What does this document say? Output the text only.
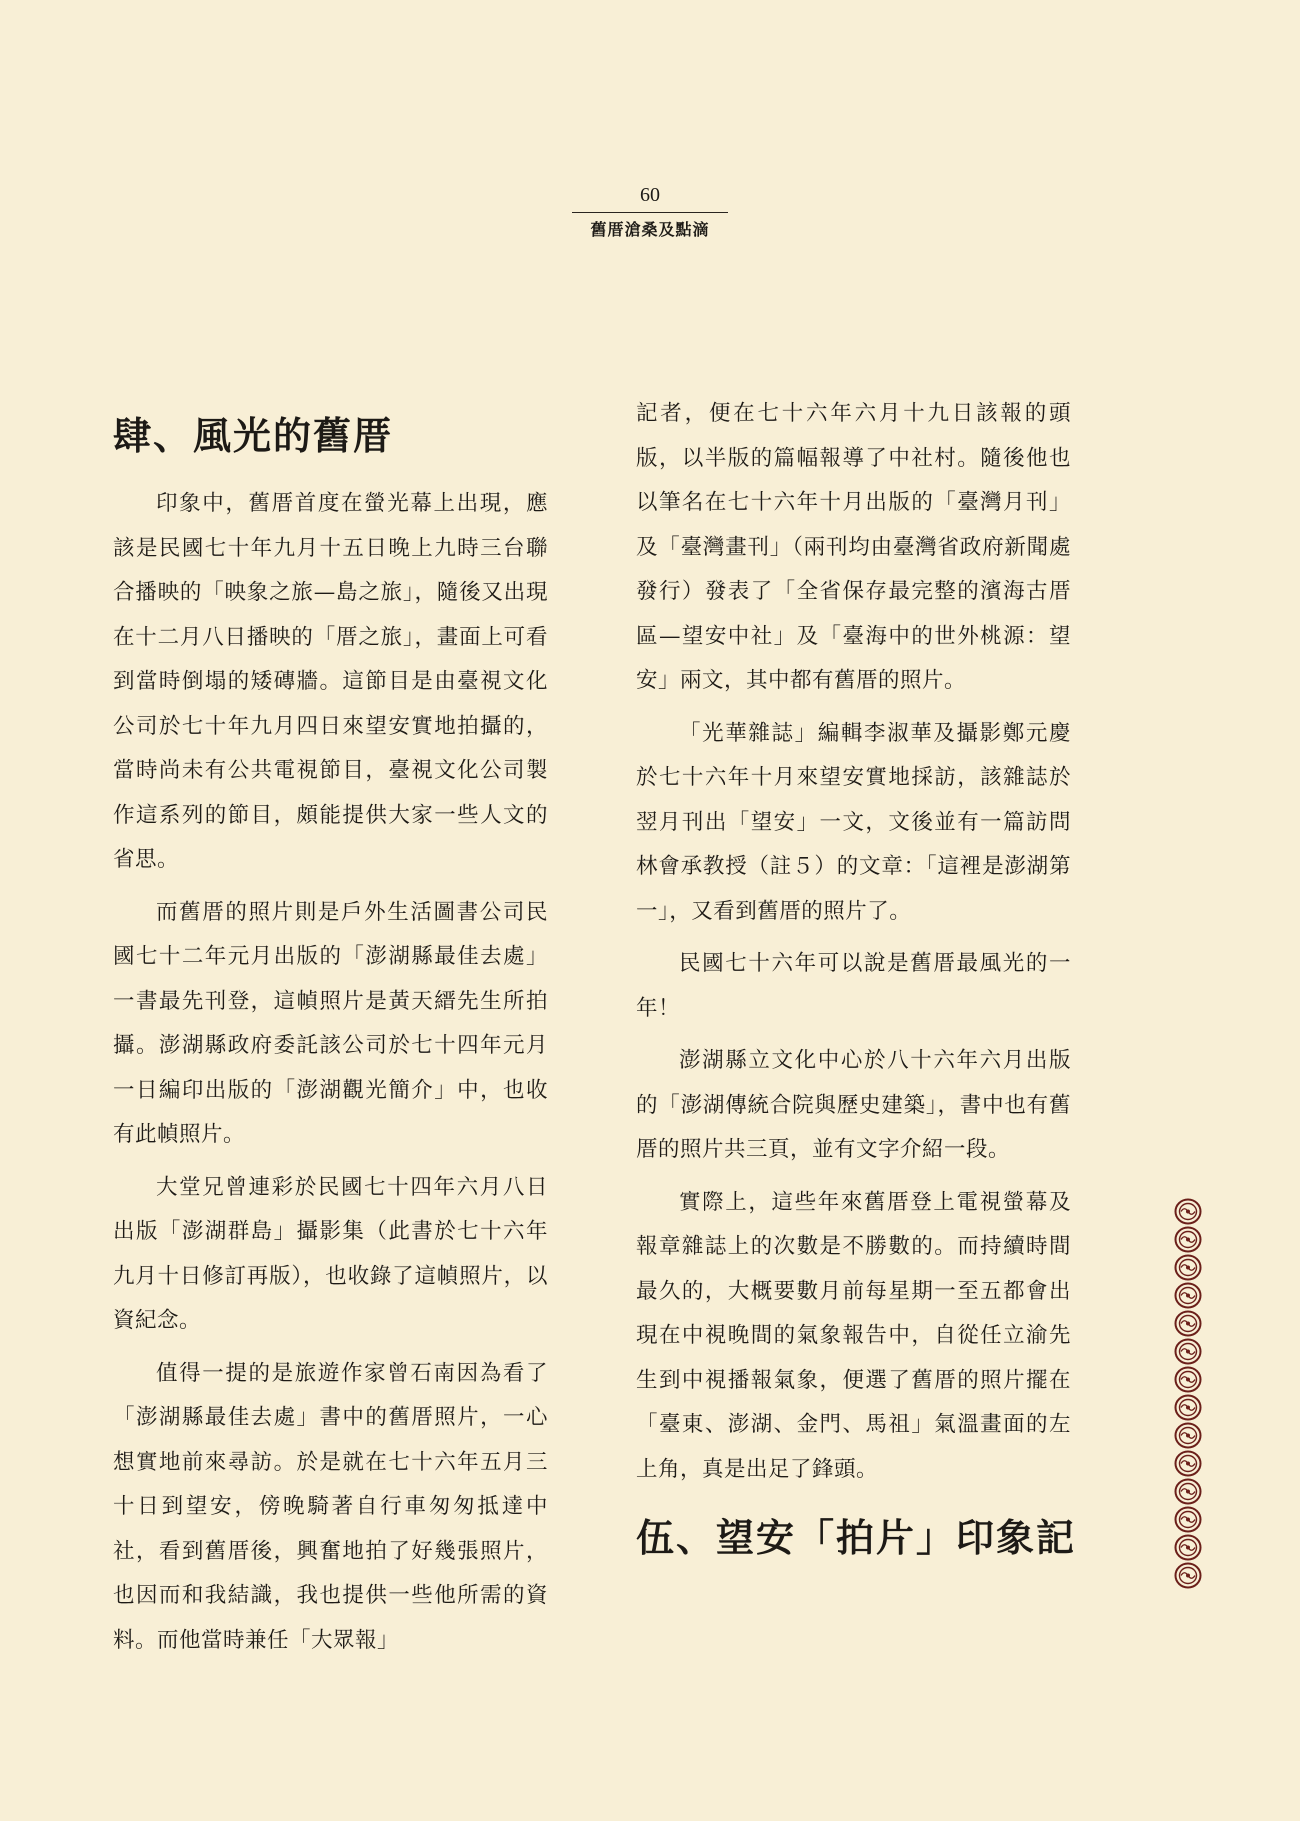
60
舊厝滄桑及點滴
肆、風光的舊厝

印象中，舊厝首度在螢光幕上出現，應該是民國七十年九月十五日晚上九時三台聯合播映的「映象之旅—島之旅」，隨後又出現在十二月八日播映的「厝之旅」，畫面上可看到當時倒塌的矮磚牆。這節目是由臺視文化公司於七十年九月四日來望安實地拍攝的，當時尚未有公共電視節目，臺視文化公司製作這系列的節目，頗能提供大家一些人文的省思。

而舊厝的照片則是戶外生活圖書公司民國七十二年元月出版的「澎湖縣最佳去處」一書最先刊登，這幀照片是黃天縉先生所拍攝。澎湖縣政府委託該公司於七十四年元月一日編印出版的「澎湖觀光簡介」中，也收有此幀照片。

大堂兄曾連彩於民國七十四年六月八日出版「澎湖群島」攝影集（此書於七十六年九月十日修訂再版），也收錄了這幀照片，以資紀念。

值得一提的是旅遊作家曾石南因為看了「澎湖縣最佳去處」書中的舊厝照片，一心想實地前來尋訪。於是就在七十六年五月三十日到望安，傍晚騎著自行車匆匆抵達中社，看到舊厝後，興奮地拍了好幾張照片，也因而和我結識，我也提供一些他所需的資料。而他當時兼任「大眾報」

記者，便在七十六年六月十九日該報的頭版，以半版的篇幅報導了中社村。隨後他也以筆名在七十六年十月出版的「臺灣月刊」及「臺灣畫刊」（兩刊均由臺灣省政府新聞處發行）發表了「全省保存最完整的濱海古厝區—望安中社」及「臺海中的世外桃源：望安」兩文，其中都有舊厝的照片。

「光華雜誌」編輯李淑華及攝影鄭元慶於七十六年十月來望安實地採訪，該雜誌於翌月刊出「望安」一文，文後並有一篇訪問林會承教授（註５）的文章：「這裡是澎湖第一」，又看到舊厝的照片了。

民國七十六年可以說是舊厝最風光的一年！

澎湖縣立文化中心於八十六年六月出版的「澎湖傳統合院與歷史建築」，書中也有舊厝的照片共三頁，並有文字介紹一段。

實際上，這些年來舊厝登上電視螢幕及報章雜誌上的次數是不勝數的。而持續時間最久的，大概要數月前每星期一至五都會出現在中視晚間的氣象報告中，自從任立渝先生到中視播報氣象，便選了舊厝的照片擺在「臺東、澎湖、金門、馬祖」氣溫畫面的左上角，真是出足了鋒頭。

伍、望安「拍片」印象記
